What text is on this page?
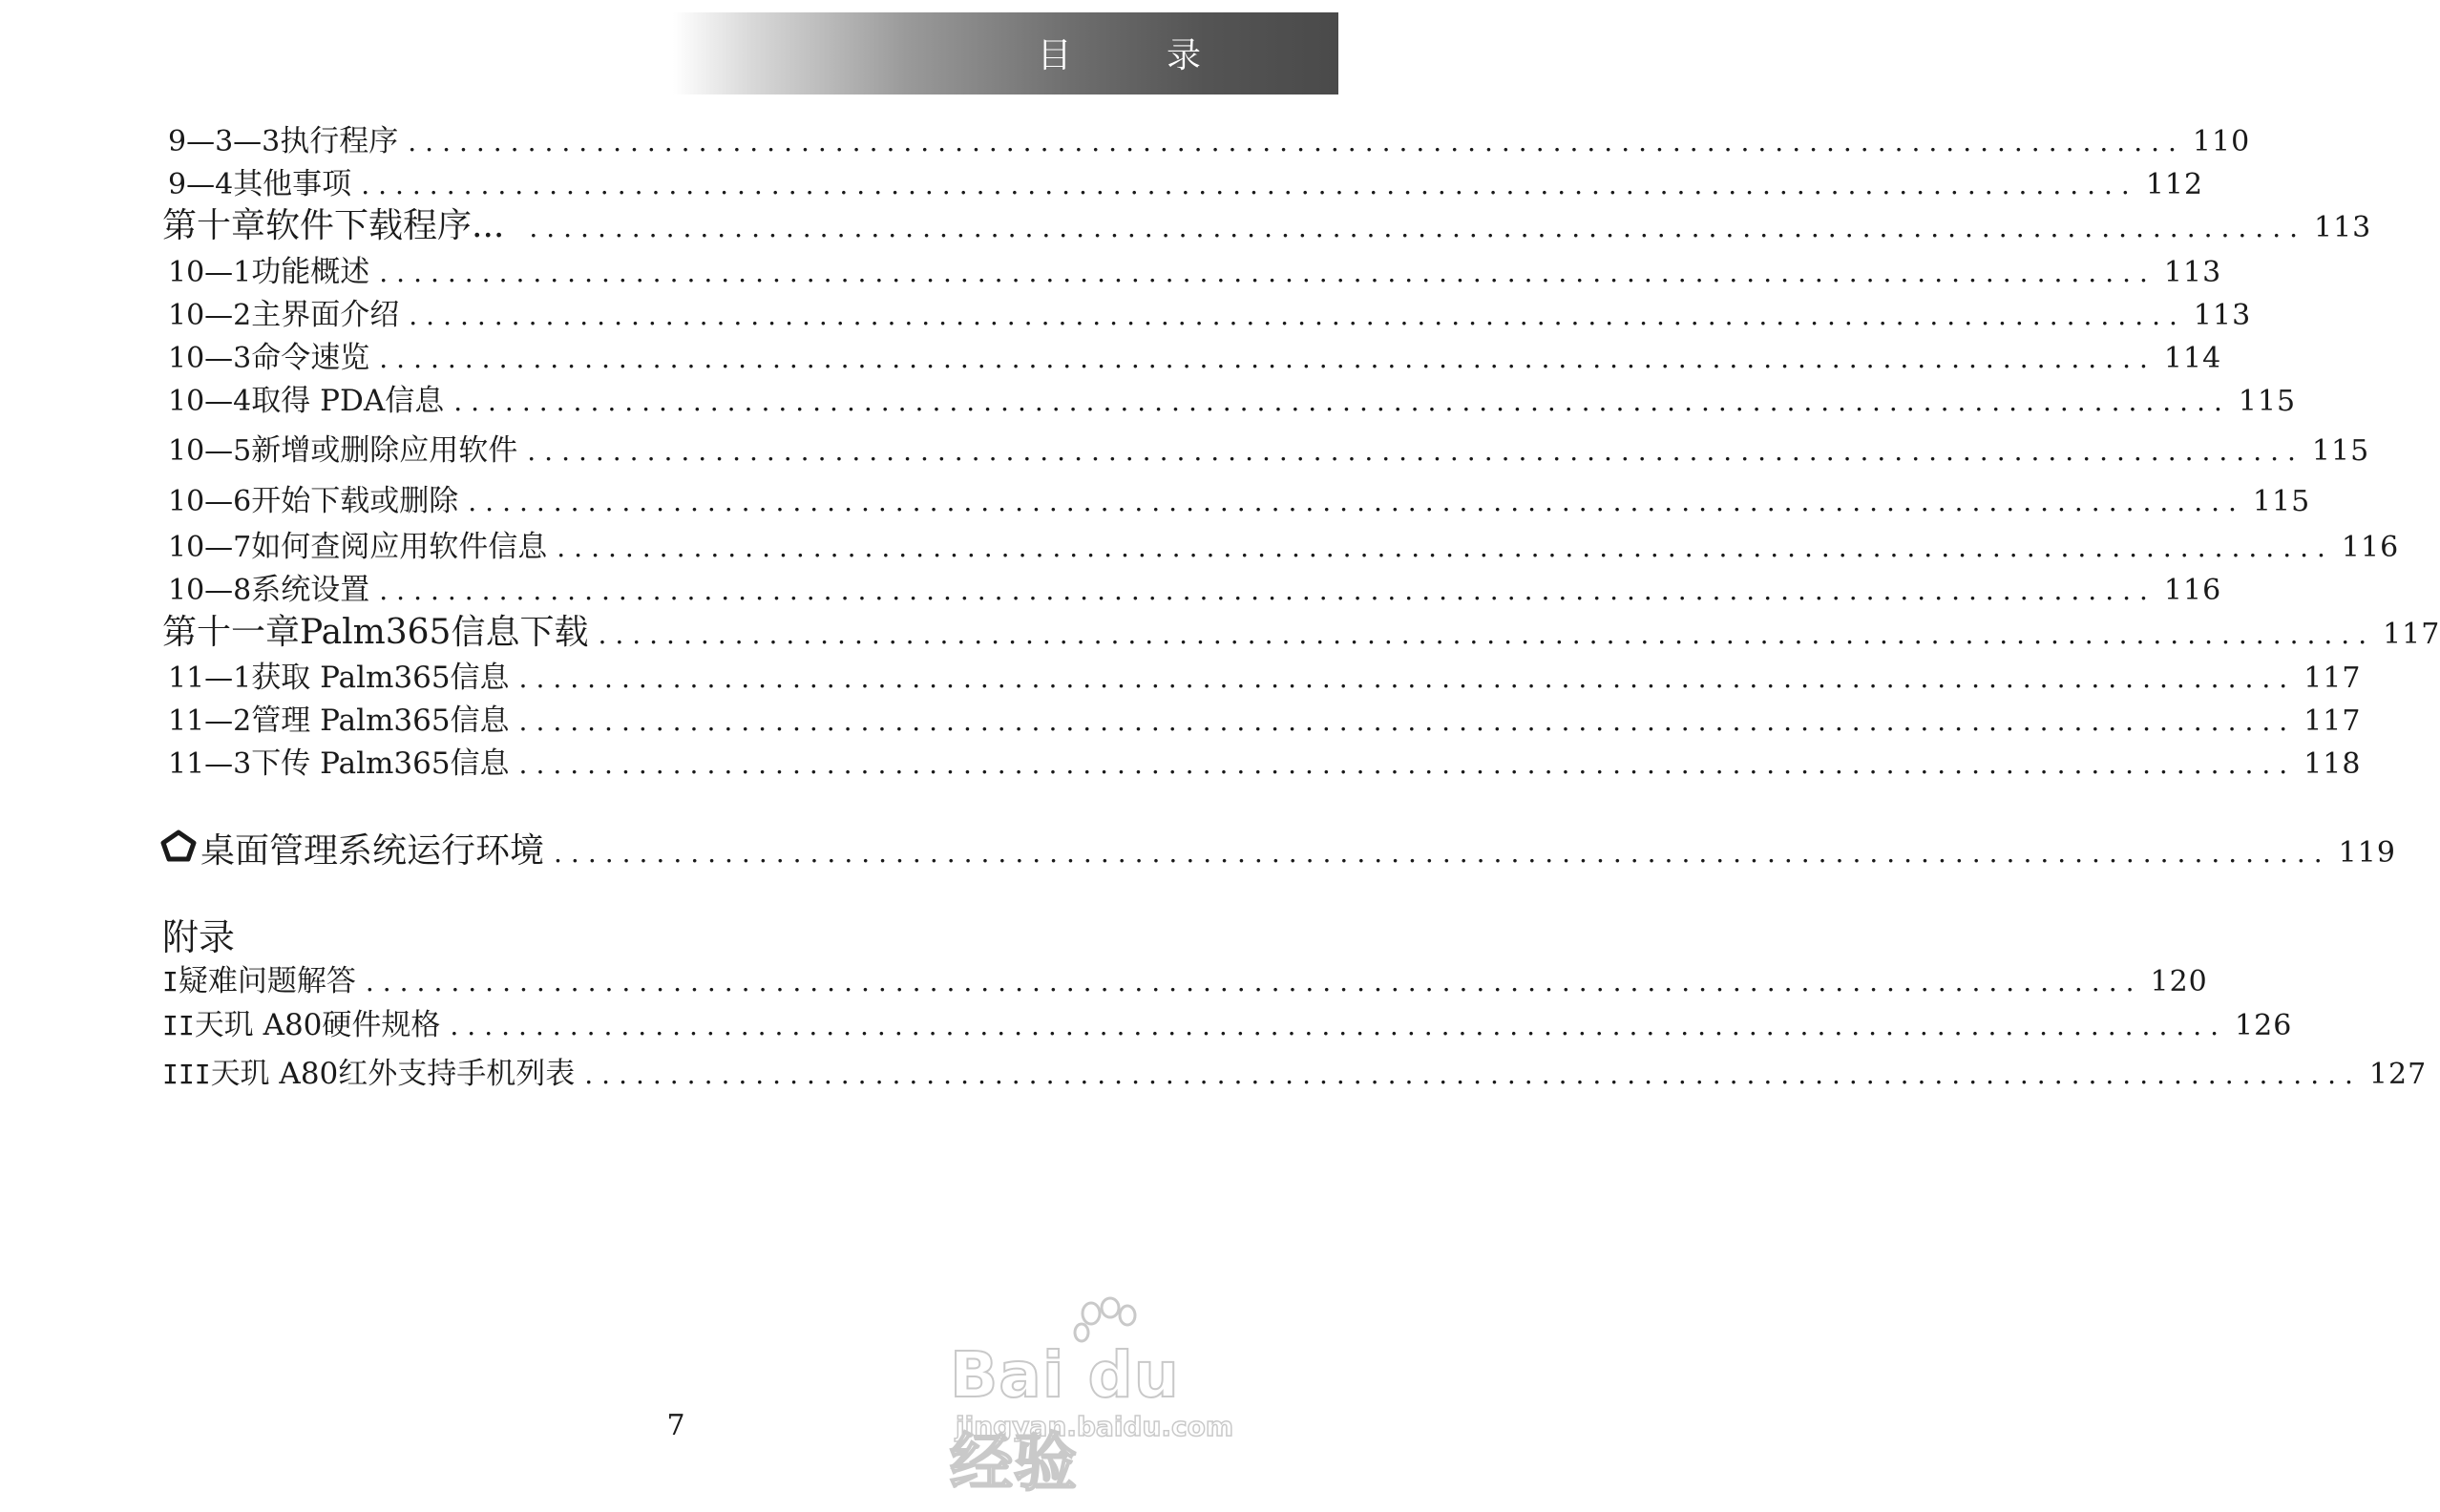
目 录
9—3—3 执行程序 ........................................................................................................ 110
9—4 其他事项 ........................................................................................................ 112
第十章 软件下载程序... ........................................................................................................ 113
10—1 功能概述 ........................................................................................................ 113
10—2 主界面介绍 ........................................................................................................ 113
10—3 命令速览 ........................................................................................................ 114
10—4 取得 PDA信息 ........................................................................................................ 115
10—5 新增或删除应用软件 ........................................................................................................ 115
10—6 开始下载或删除 ........................................................................................................ 115
10—7 如何查阅应用软件信息 ........................................................................................................ 116
10—8 系统设置 ........................................................................................................ 116
第十一章 Palm365信息下载 ........................................................................................................ 117
11—1 获取 Palm365信息 ........................................................................................................ 117
11—2 管理 Palm365信息 ........................................................................................................ 117
11—3 下传 Palm365信息 ........................................................................................................ 118
桌面管理系统运行环境 ........................................................................................................ 119
附录
I 疑难问题解答 ........................................................................................................ 120
II 天玑 A80硬件规格 ........................................................................................................ 126
III 天玑 A80红外支持手机列表 ........................................................................................................ 127
Bai du 经验
jingyan.baidu.com
7
